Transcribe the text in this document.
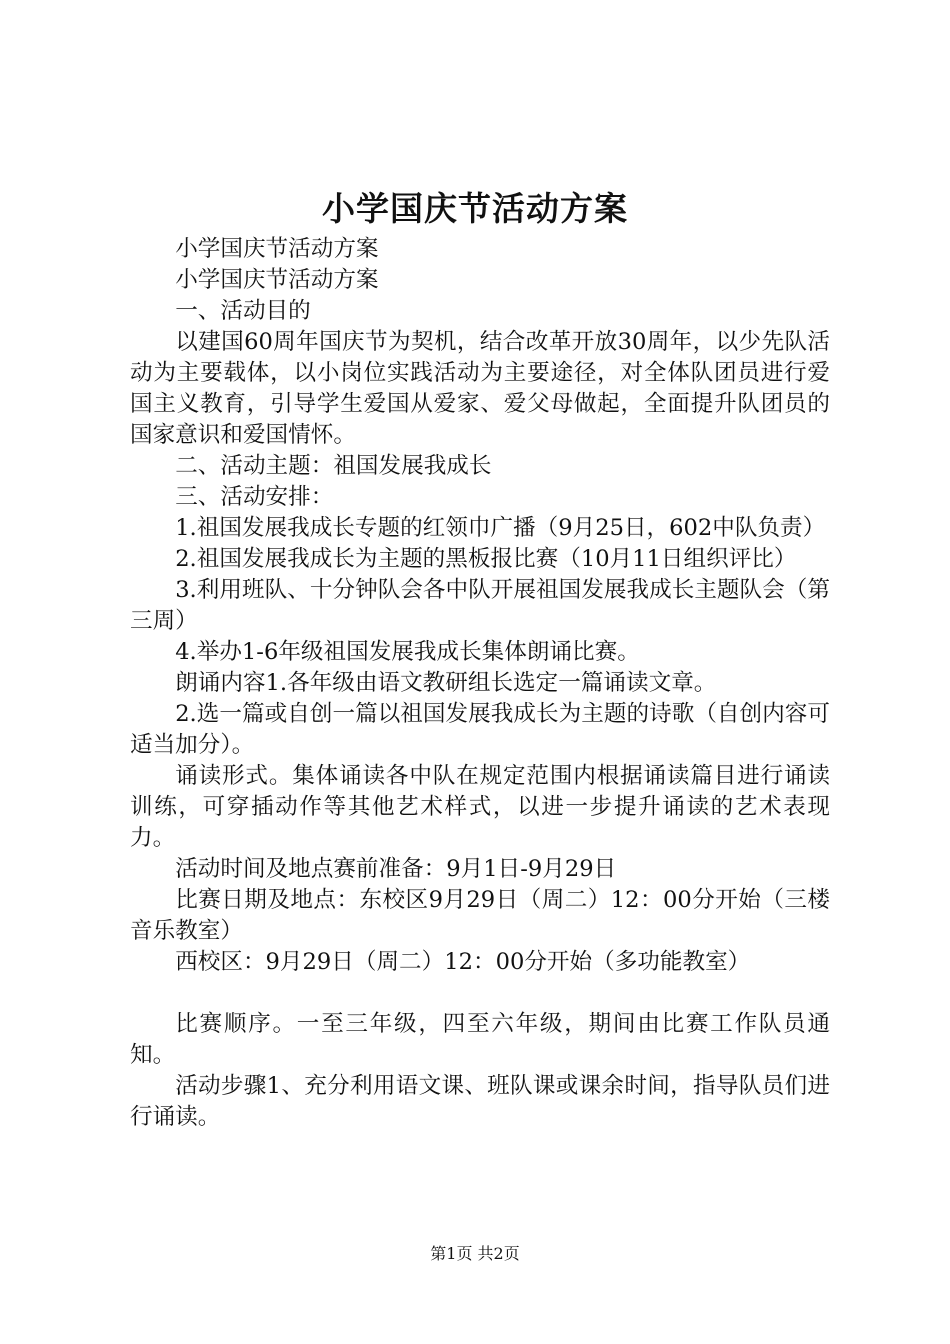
小学国庆节活动方案

小学国庆节活动方案

小学国庆节活动方案

一、活动目的

以建国60周年国庆节为契机，结合改革开放30周年，以少先队活动为主要载体，以小岗位实践活动为主要途径，对全体队团员进行爱国主义教育，引导学生爱国从爱家、爱父母做起，全面提升队团员的国家意识和爱国情怀。

二、活动主题：祖国发展我成长

三、活动安排：

1.祖国发展我成长专题的红领巾广播（9月25日，602中队负责）

2.祖国发展我成长为主题的黑板报比赛（10月11日组织评比）

3.利用班队、十分钟队会各中队开展祖国发展我成长主题队会（第三周）

4.举办1-6年级祖国发展我成长集体朗诵比赛。

朗诵内容1.各年级由语文教研组长选定一篇诵读文章。

2.选一篇或自创一篇以祖国发展我成长为主题的诗歌（自创内容可适当加分）。

诵读形式。集体诵读各中队在规定范围内根据诵读篇目进行诵读训练，可穿插动作等其他艺术样式，以进一步提升诵读的艺术表现力。

活动时间及地点赛前准备：9月1日-9月29日

比赛日期及地点：东校区9月29日（周二）12：00分开始（三楼音乐教室）

西校区：9月29日（周二）12：00分开始（多功能教室）

比赛顺序。一至三年级，四至六年级，期间由比赛工作队员通知。

活动步骤1、充分利用语文课、班队课或课余时间，指导队员们进行诵读。

第1页 共2页
